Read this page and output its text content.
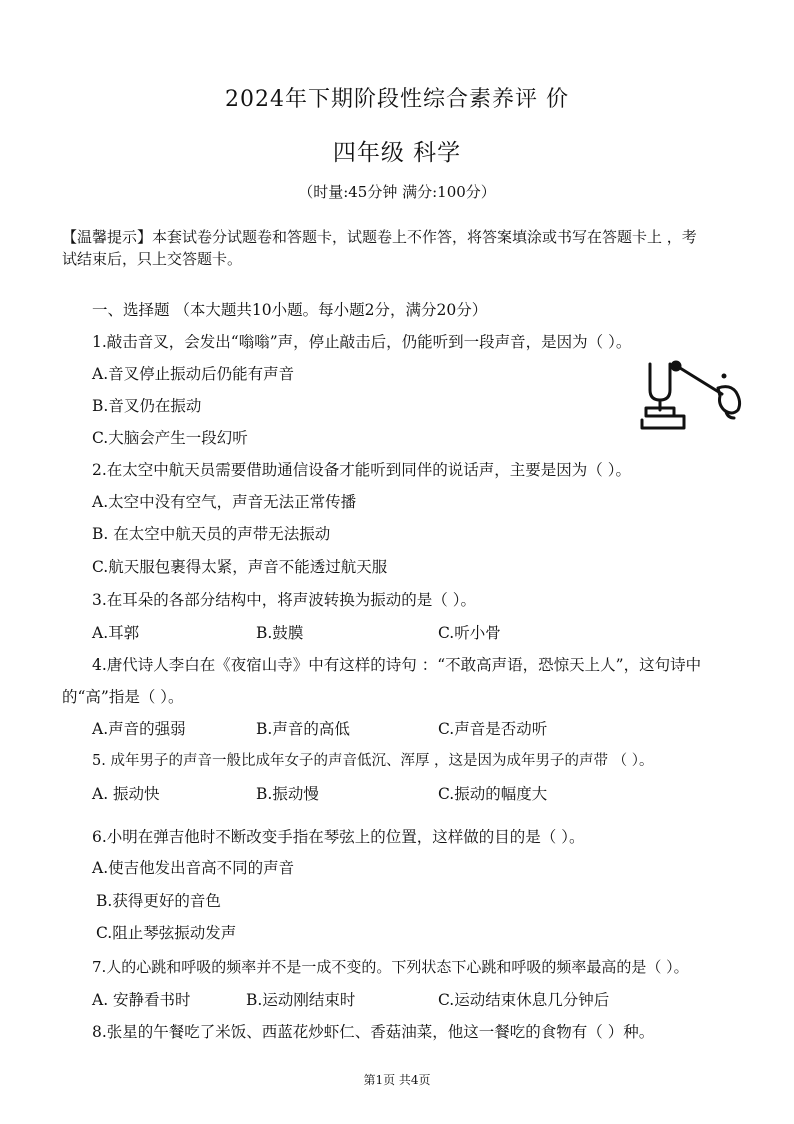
2024年下期阶段性综合素养评 价
四年级 科学
（时量:45分钟 满分:100分）
【温馨提示】本套试卷分试题卷和答题卡，试题卷上不作答，将答案填涂或书写在答题卡上 ，考
试结束后，只上交答题卡。
一、选择题 （本大题共10小题。每小题2分，满分20分）
1.敲击音叉，会发出“嗡嗡”声，停止敲击后，仍能听到一段声音，是因为（ ）。
A.音叉停止振动后仍能有声音
B.音叉仍在振动
C.大脑会产生一段幻听
2.在太空中航天员需要借助通信设备才能听到同伴的说话声，主要是因为（ ）。
A.太空中没有空气，声音无法正常传播
B. 在太空中航天员的声带无法振动
C.航天服包裹得太紧，声音不能透过航天服
3.在耳朵的各部分结构中，将声波转换为振动的是（ ）。
A.耳郭	B.鼓膜	C.听小骨
4.唐代诗人李白在《夜宿山寺》中有这样的诗句 ：“不敢高声语，恐惊天上人”，这句诗中
的“高”指是（ ）。
A.声音的强弱	B.声音的高低	C.声音是否动听
5. 成年男子的声音一般比成年女子的声音低沉、浑厚 ，这是因为成年男子的声带 （ ）。
A. 振动快	B.振动慢	C.振动的幅度大
6.小明在弹吉他时不断改变手指在琴弦上的位置，这样做的目的是（ ）。
A.使吉他发出音高不同的声音
B.获得更好的音色
C.阻止琴弦振动发声
7.人的心跳和呼吸的频率并不是一成不变的。下列状态下心跳和呼吸的频率最高的是（ ）。
A. 安静看书时	B.运动刚结束时	C.运动结束休息几分钟后
8.张星的午餐吃了米饭、西蓝花炒虾仁、香菇油菜，他这一餐吃的食物有（ ）种。
第1页 共4页
